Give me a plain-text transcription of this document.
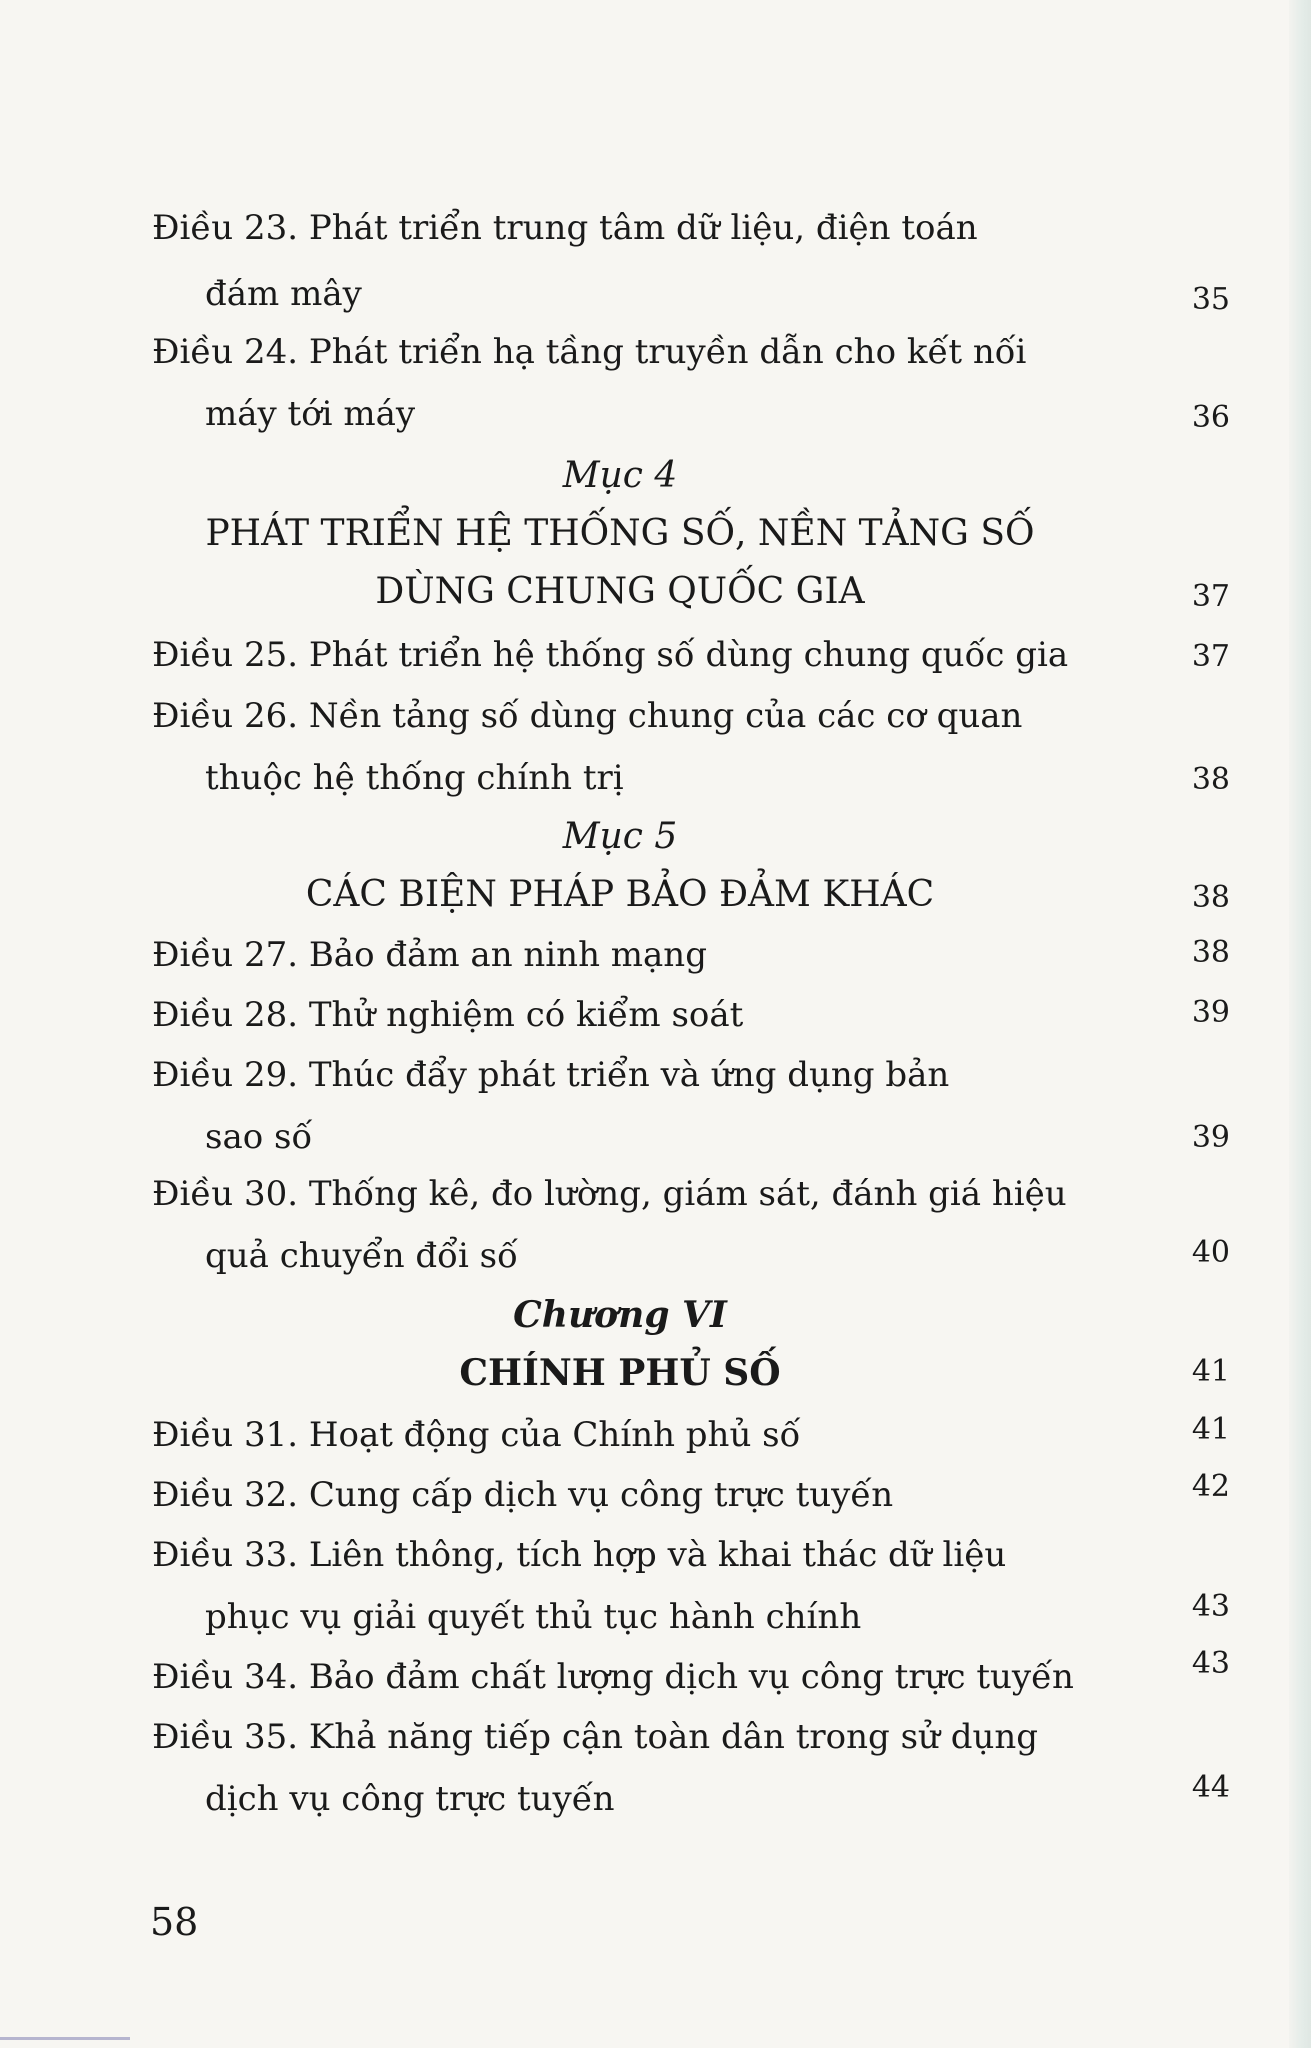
Điều 23. Phát triển trung tâm dữ liệu, điện toán
đám mây	35
Điều 24. Phát triển hạ tầng truyền dẫn cho kết nối
máy tới máy	36
Mục 4
PHÁT TRIỂN HỆ THỐNG SỐ, NỀN TẢNG SỐ
DÙNG CHUNG QUỐC GIA	37
Điều 25. Phát triển hệ thống số dùng chung quốc gia	37
Điều 26. Nền tảng số dùng chung của các cơ quan
thuộc hệ thống chính trị	38
Mục 5
CÁC BIỆN PHÁP BẢO ĐẢM KHÁC	38
Điều 27. Bảo đảm an ninh mạng	38
Điều 28. Thử nghiệm có kiểm soát	39
Điều 29. Thúc đẩy phát triển và ứng dụng bản
sao số	39
Điều 30. Thống kê, đo lường, giám sát, đánh giá hiệu
quả chuyển đổi số	40
Chương VI
CHÍNH PHỦ SỐ	41
Điều 31. Hoạt động của Chính phủ số	41
Điều 32. Cung cấp dịch vụ công trực tuyến	42
Điều 33. Liên thông, tích hợp và khai thác dữ liệu
phục vụ giải quyết thủ tục hành chính	43
Điều 34. Bảo đảm chất lượng dịch vụ công trực tuyến	43
Điều 35. Khả năng tiếp cận toàn dân trong sử dụng
dịch vụ công trực tuyến	44
58
